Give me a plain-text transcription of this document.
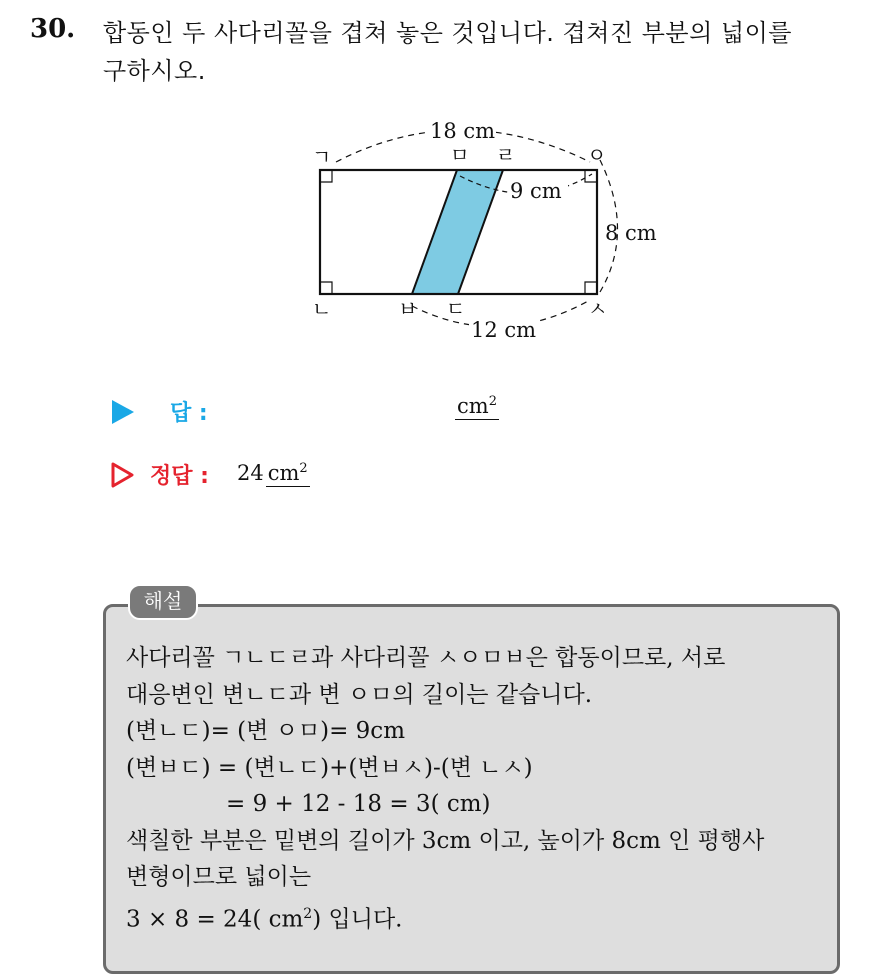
30. 합동인 두 사다리꼴을 겹쳐 놓은 것입니다. 겹쳐진 부분의 넓이를
구하시오.
18 cm
9 cm
8 cm
12 cm
ㄱ	ㅁ ㄹ	ㅇ
ㄴ	ㅂ ㄷ	ㅅ
답 :	$cm^2$
정답 : 24 $cm^2$
해설
사다리꼴 ㄱㄴㄷㄹ과 사다리꼴 ㅅㅇㅁㅂ은 합동이므로, 서로
대응변인 변ㄴㄷ과 변 ㅇㅁ의 길이는 같습니다.
(변ㄴㄷ)= (변 ㅇㅁ)= 9cm
(변ㅂㄷ) = (변ㄴㄷ)+(변ㅂㅅ)-(변 ㄴㅅ)
= 9 + 12 - 18 = 3( cm)
색칠한 부분은 밑변의 길이가 3cm 이고, 높이가 8cm 인 평행사
변형이므로 넓이는
3 × 8 = 24( $cm^2$) 입니다.
